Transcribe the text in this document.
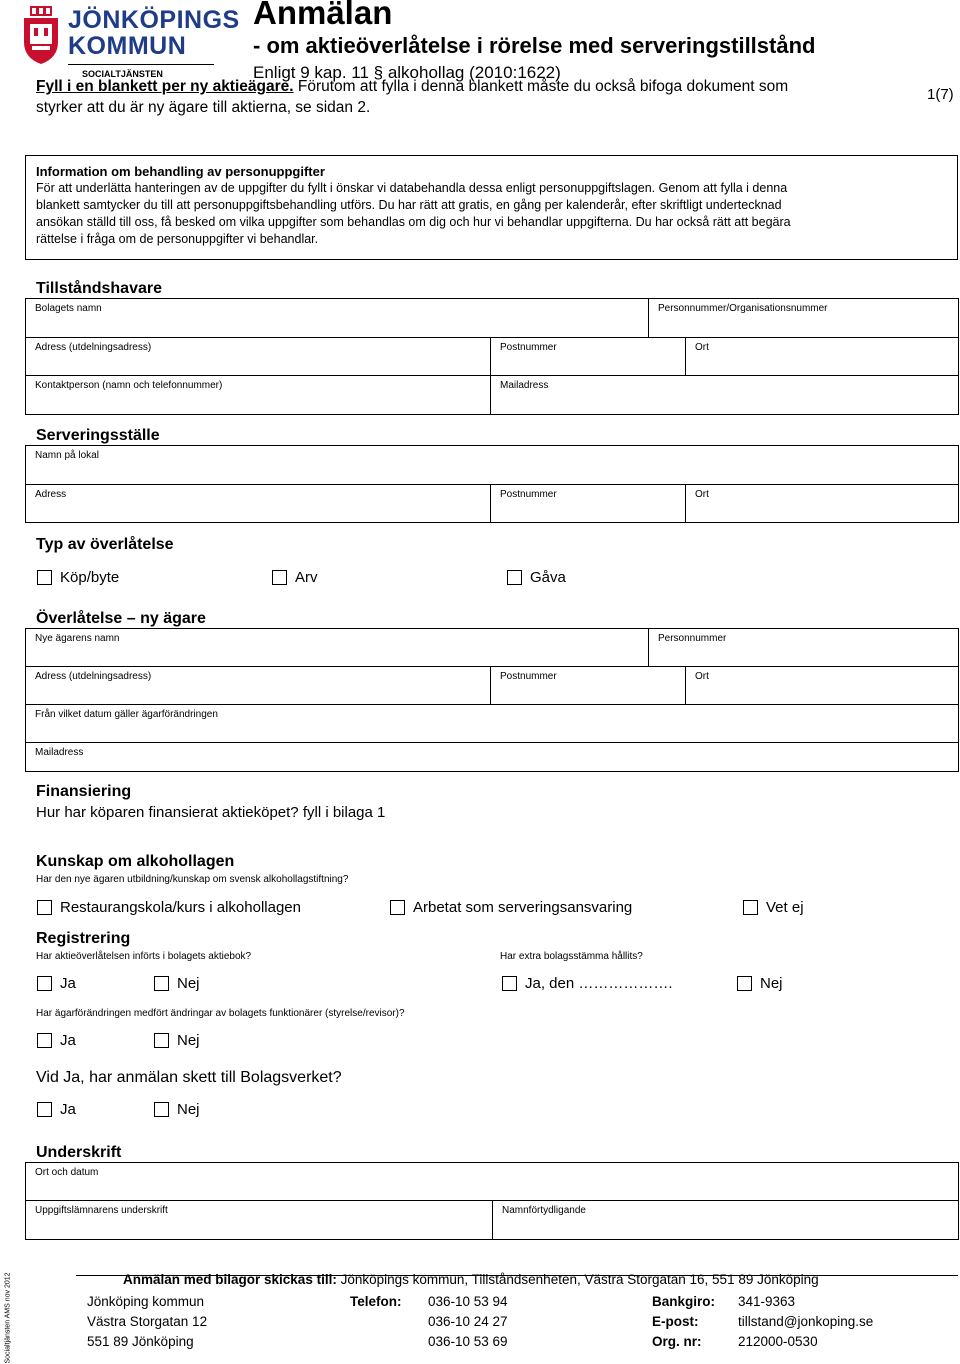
JÖNKÖPINGS
KOMMUN
SOCIALTJÄNSTEN
Anmälan
- om aktieöverlåtelse i rörelse med serveringstillstånd
Enligt 9 kap. 11 § alkohollag (2010:1622)
1(7)
Fyll i en blankett per ny aktieägare. Förutom att fylla i denna blankett måste du också bifoga dokument som
styrker att du är ny ägare till aktierna, se sidan 2.
Information om behandling av personuppgifter
För att underlätta hanteringen av de uppgifter du fyllt i önskar vi databehandla dessa enligt personuppgiftslagen. Genom att fylla i denna
blankett samtycker du till att personuppgiftsbehandling utförs. Du har rätt att gratis, en gång per kalenderår, efter skriftligt undertecknad
ansökan ställd till oss, få besked om vilka uppgifter som behandlas om dig och hur vi behandlar uppgifterna. Du har också rätt att begära
rättelse i fråga om de personuppgifter vi behandlar.
Tillståndshavare
Bolagets namn	Personnummer/Organisationsnummer
Adress (utdelningsadress)	Postnummer	Ort
Kontaktperson (namn och telefonnummer)	Mailadress
Serveringsställe
Namn på lokal
Adress	Postnummer	Ort
Typ av överlåtelse
Köp/byte	Arv	Gåva
Överlåtelse – ny ägare
Nye ägarens namn	Personnummer
Adress (utdelningsadress)	Postnummer	Ort
Från vilket datum gäller ägarförändringen
Mailadress
Finansiering
Hur har köparen finansierat aktieköpet? fyll i bilaga 1
Kunskap om alkohollagen
Har den nye ägaren utbildning/kunskap om svensk alkohollagstiftning?
Restaurangskola/kurs i alkohollagen	Arbetat som serveringsansvaring	Vet ej
Registrering
Har aktieöverlåtelsen införts i bolagets aktiebok?	Har extra bolagsstämma hållits?
Ja	Nej	Ja, den ……………….	Nej
Har ägarförändringen medfört ändringar av bolagets funktionärer (styrelse/revisor)?
Ja	Nej
Vid Ja, har anmälan skett till Bolagsverket?
Ja	Nej
Underskrift
Ort och datum
Uppgiftslämnarens underskrift	Namnförtydligande
Socialtjänsten AMS nov 2012	Anmälan med bilagor skickas till: Jönköpings kommun, Tillståndsenheten, Västra Storgatan 16, 551 89 Jönköping
Jönköping kommun
Västra Storgatan 12
551 89 Jönköping
Telefon: 036-10 53 94
036-10 24 27
036-10 53 69
Bankgiro: 341-9363
E-post:	tillstand@jonkoping.se
Org. nr:	212000-0530
